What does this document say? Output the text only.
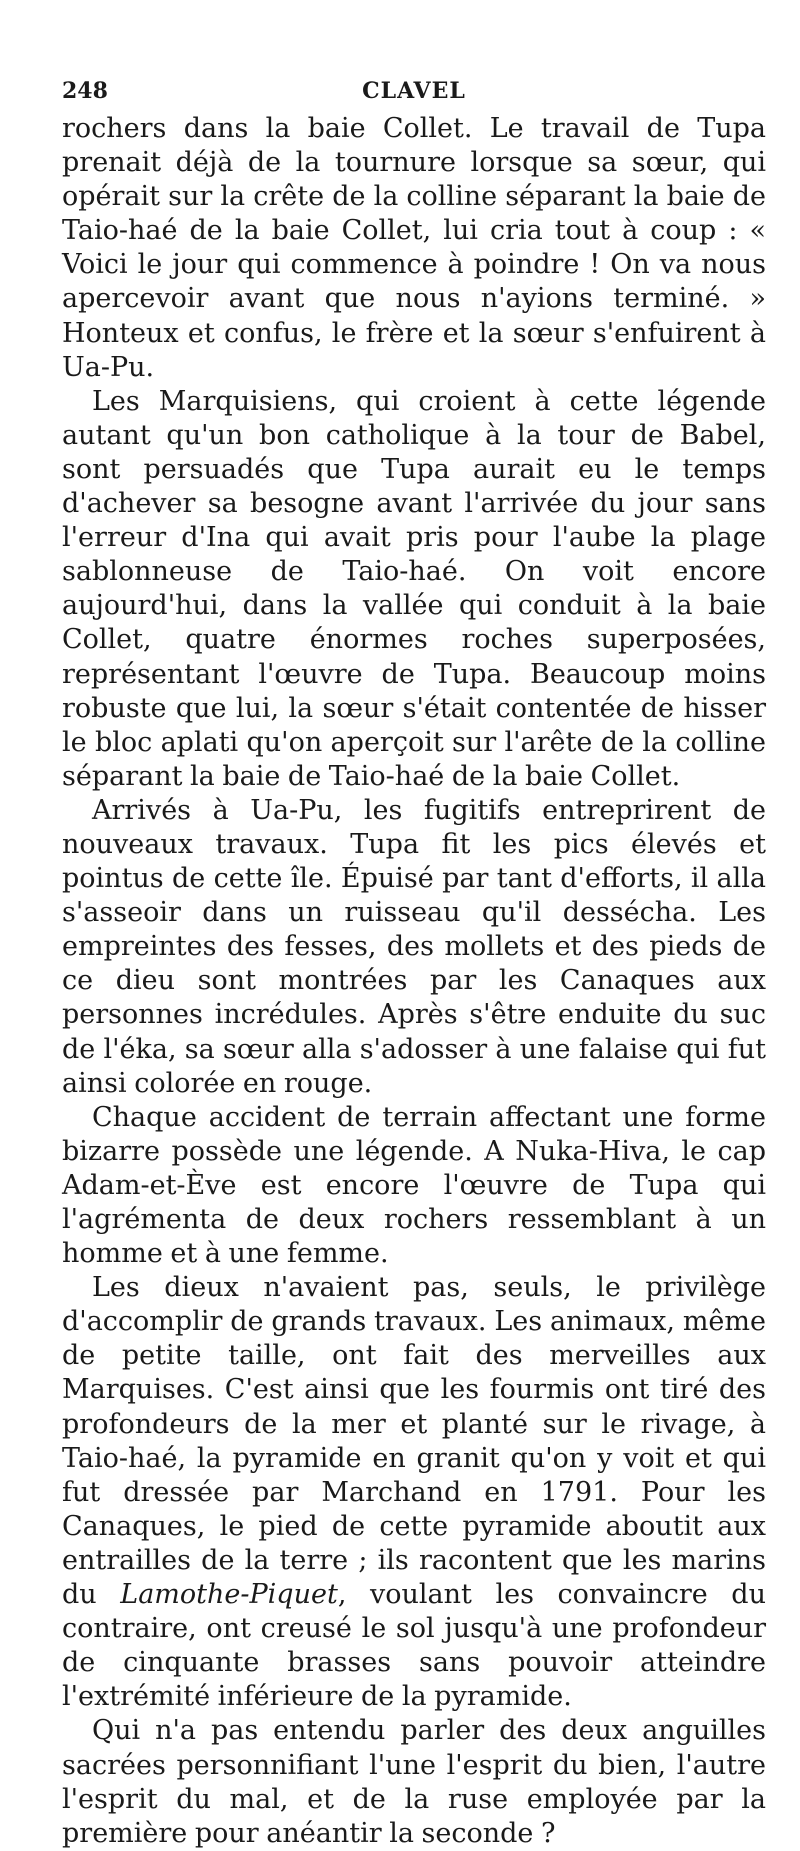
248	CLAVEL

rochers dans la baie Collet. Le travail de Tupa prenait déjà de la tournure lorsque sa sœur, qui opérait sur la crête de la colline séparant la baie de Taio-haé de la baie Collet, lui cria tout à coup : « Voici le jour qui commence à poindre ! On va nous apercevoir avant que nous n'ayions terminé. » Honteux et confus, le frère et la sœur s'enfuirent à Ua-Pu.

Les Marquisiens, qui croient à cette légende autant qu'un bon catholique à la tour de Babel, sont persuadés que Tupa aurait eu le temps d'achever sa besogne avant l'arrivée du jour sans l'erreur d'Ina qui avait pris pour l'aube la plage sablonneuse de Taio-haé. On voit encore aujourd'hui, dans la vallée qui conduit à la baie Collet, quatre énormes roches superposées, représentant l'œuvre de Tupa. Beaucoup moins robuste que lui, la sœur s'était contentée de hisser le bloc aplati qu'on aperçoit sur l'arête de la colline séparant la baie de Taio-haé de la baie Collet.

Arrivés à Ua-Pu, les fugitifs entreprirent de nouveaux travaux. Tupa fit les pics élevés et pointus de cette île. Épuisé par tant d'efforts, il alla s'asseoir dans un ruisseau qu'il dessécha. Les empreintes des fesses, des mollets et des pieds de ce dieu sont montrées par les Canaques aux personnes incrédules. Après s'être enduite du suc de l'éka, sa sœur alla s'adosser à une falaise qui fut ainsi colorée en rouge.

Chaque accident de terrain affectant une forme bizarre possède une légende. A Nuka-Hiva, le cap Adam-et-Ève est encore l'œuvre de Tupa qui l'agrémenta de deux rochers ressemblant à un homme et à une femme.

Les dieux n'avaient pas, seuls, le privilège d'accomplir de grands travaux. Les animaux, même de petite taille, ont fait des merveilles aux Marquises. C'est ainsi que les fourmis ont tiré des profondeurs de la mer et planté sur le rivage, à Taio-haé, la pyramide en granit qu'on y voit et qui fut dressée par Marchand en 1791. Pour les Canaques, le pied de cette pyramide aboutit aux entrailles de la terre ; ils racontent que les marins du Lamothe-Piquet, voulant les convaincre du contraire, ont creusé le sol jusqu'à une profondeur de cinquante brasses sans pouvoir atteindre l'extrémité inférieure de la pyramide.

Qui n'a pas entendu parler des deux anguilles sacrées personnifiant l'une l'esprit du bien, l'autre l'esprit du mal, et de la ruse employée par la première pour anéantir la seconde ?
